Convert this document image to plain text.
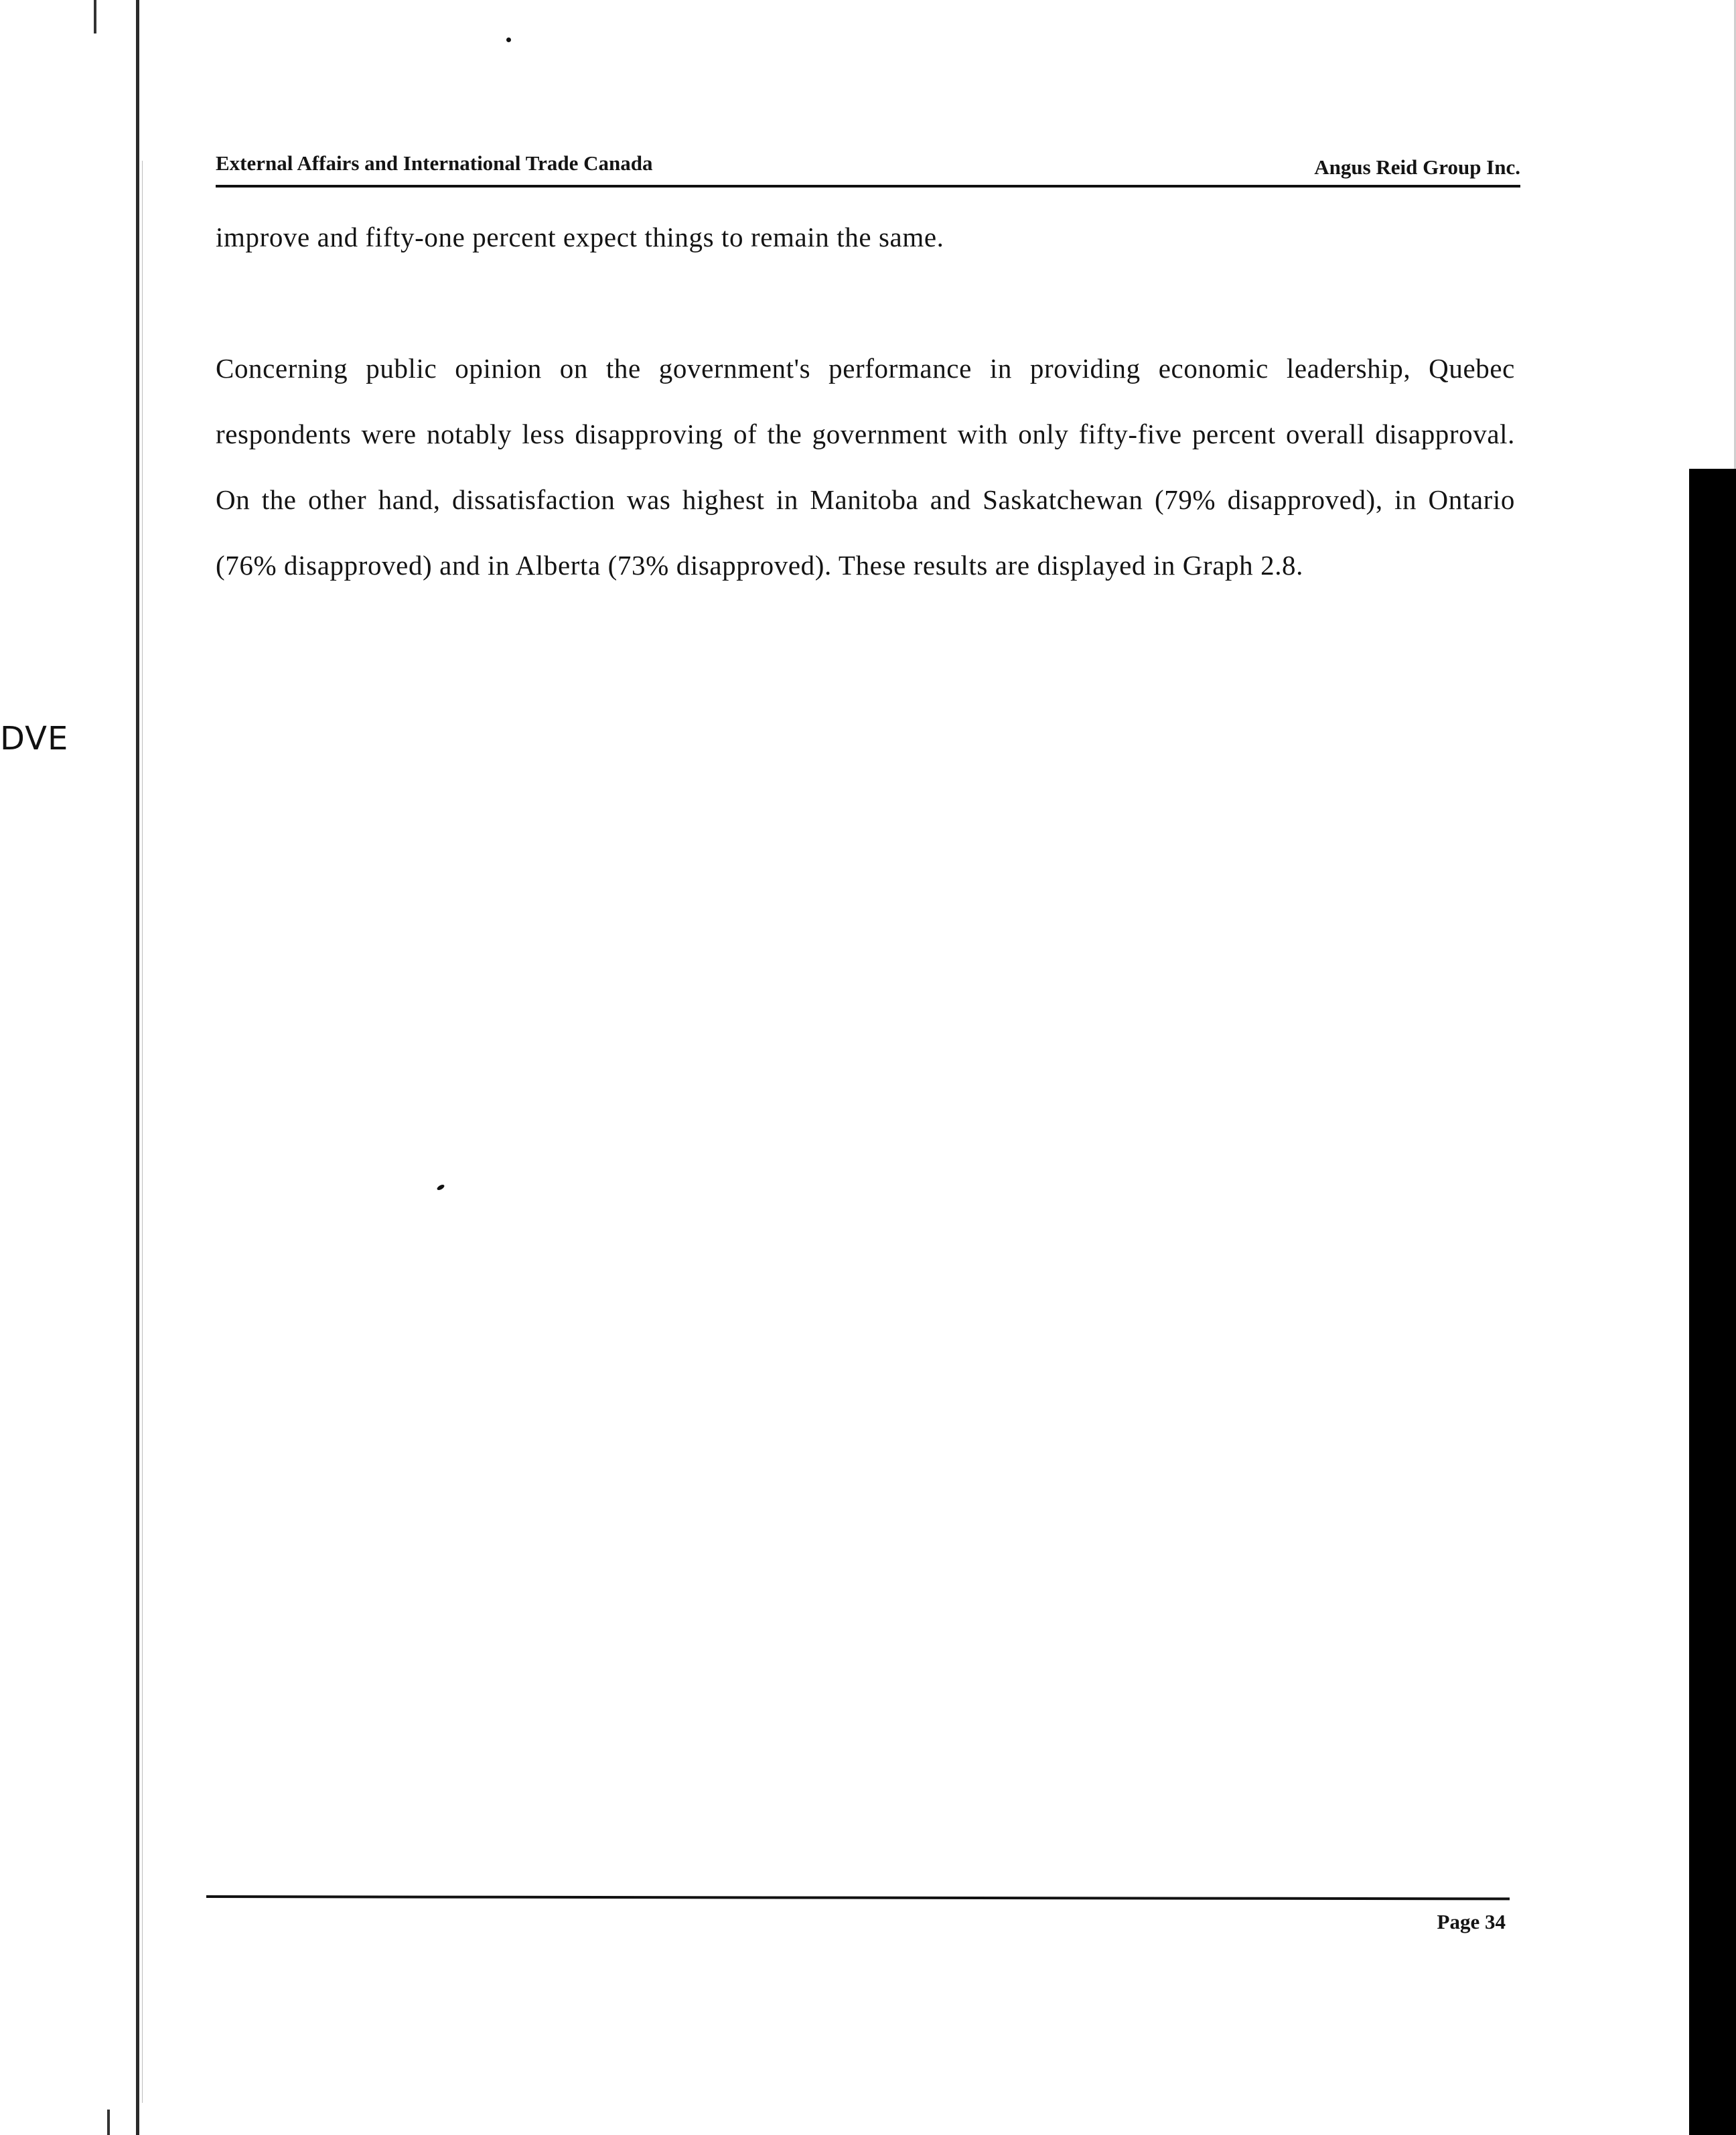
DVE
External Affairs and International Trade Canada	Angus Reid Group Inc.

improve and fifty-one percent expect things to remain the same.

Concerning public opinion on the government's performance in providing economic leadership, Quebec respondents were notably less disapproving of the government with only fifty-five percent overall disapproval. On the other hand, dissatisfaction was highest in Manitoba and Saskatchewan (79% disapproved), in Ontario (76% disapproved) and in Alberta (73% disapproved). These results are displayed in Graph 2.8.

Page 34
